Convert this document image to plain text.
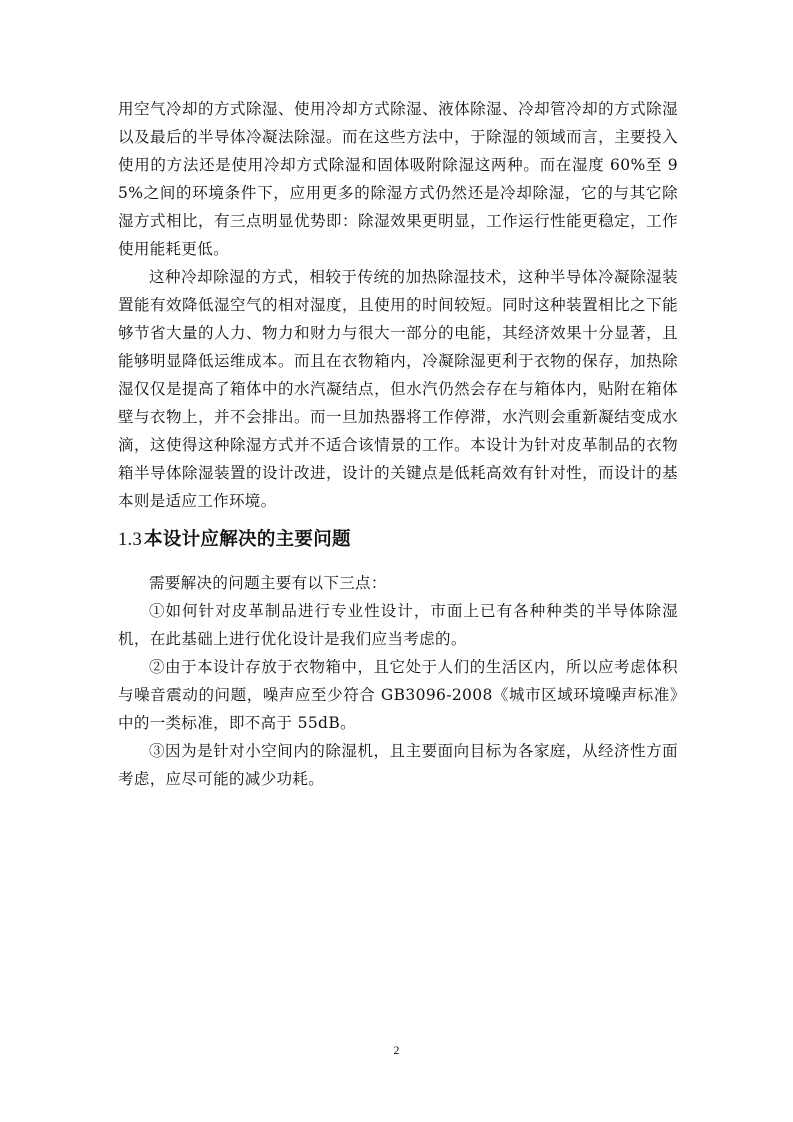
用空气冷却的方式除湿、使用冷却方式除湿、液体除湿、冷却管冷却的方式除湿以及最后的半导体冷凝法除湿。而在这些方法中，于除湿的领域而言，主要投入使用的方法还是使用冷却方式除湿和固体吸附除湿这两种。而在湿度 60%至 95%之间的环境条件下，应用更多的除湿方式仍然还是冷却除湿，它的与其它除湿方式相比，有三点明显优势即：除湿效果更明显，工作运行性能更稳定，工作使用能耗更低。

这种冷却除湿的方式，相较于传统的加热除湿技术，这种半导体冷凝除湿装置能有效降低湿空气的相对湿度，且使用的时间较短。同时这种装置相比之下能够节省大量的人力、物力和财力与很大一部分的电能，其经济效果十分显著，且能够明显降低运维成本。而且在衣物箱内，冷凝除湿更利于衣物的保存，加热除湿仅仅是提高了箱体中的水汽凝结点，但水汽仍然会存在与箱体内，贴附在箱体壁与衣物上，并不会排出。而一旦加热器将工作停滞，水汽则会重新凝结变成水滴，这使得这种除湿方式并不适合该情景的工作。本设计为针对皮革制品的衣物箱半导体除湿装置的设计改进，设计的关键点是低耗高效有针对性，而设计的基本则是适应工作环境。

1.3 本设计应解决的主要问题

需要解决的问题主要有以下三点：

①如何针对皮革制品进行专业性设计，市面上已有各种种类的半导体除湿机，在此基础上进行优化设计是我们应当考虑的。

②由于本设计存放于衣物箱中，且它处于人们的生活区内，所以应考虑体积与噪音震动的问题，噪声应至少符合 GB3096-2008《城市区域环境噪声标准》中的一类标准，即不高于 55dB。

③因为是针对小空间内的除湿机，且主要面向目标为各家庭，从经济性方面考虑，应尽可能的减少功耗。

2
